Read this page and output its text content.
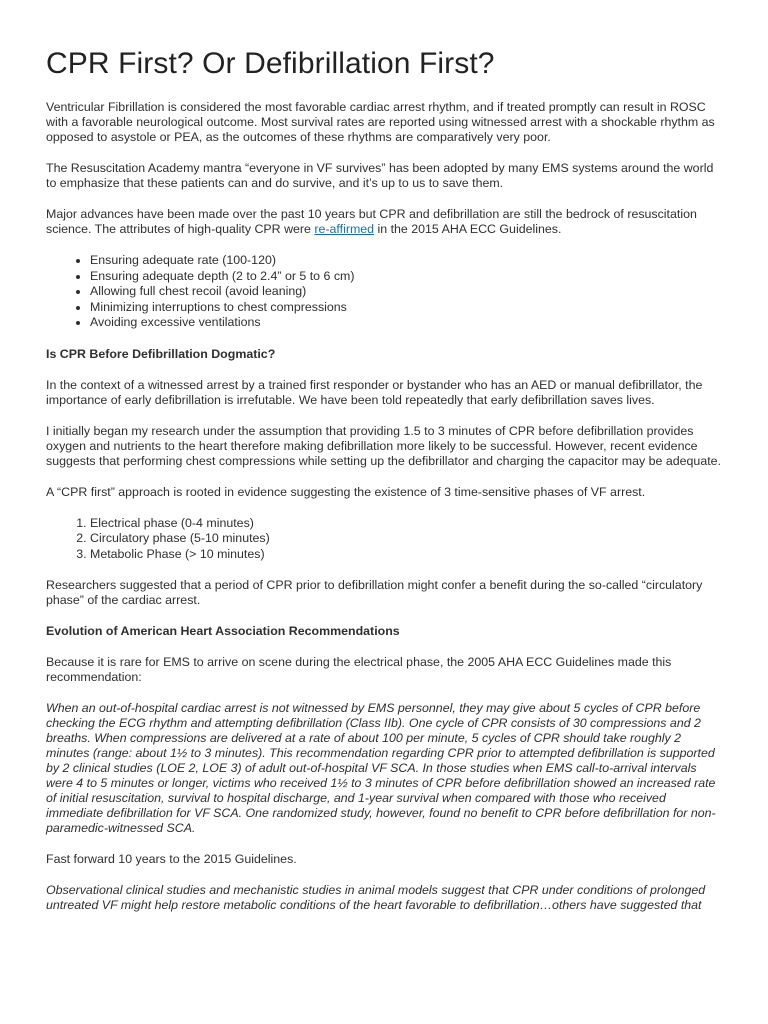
CPR First? Or Defibrillation First?

Ventricular Fibrillation is considered the most favorable cardiac arrest rhythm, and if treated promptly can result in ROSC with a favorable neurological outcome. Most survival rates are reported using witnessed arrest with a shockable rhythm as opposed to asystole or PEA, as the outcomes of these rhythms are comparatively very poor.

The Resuscitation Academy mantra “everyone in VF survives” has been adopted by many EMS systems around the world to emphasize that these patients can and do survive, and it’s up to us to save them.

Major advances have been made over the past 10 years but CPR and defibrillation are still the bedrock of resuscitation science. The attributes of high-quality CPR were re-affirmed in the 2015 AHA ECC Guidelines.

• Ensuring adequate rate (100-120)
• Ensuring adequate depth (2 to 2.4” or 5 to 6 cm)
• Allowing full chest recoil (avoid leaning)
• Minimizing interruptions to chest compressions
• Avoiding excessive ventilations

Is CPR Before Defibrillation Dogmatic?

In the context of a witnessed arrest by a trained first responder or bystander who has an AED or manual defibrillator, the importance of early defibrillation is irrefutable. We have been told repeatedly that early defibrillation saves lives.

I initially began my research under the assumption that providing 1.5 to 3 minutes of CPR before defibrillation provides oxygen and nutrients to the heart therefore making defibrillation more likely to be successful. However, recent evidence suggests that performing chest compressions while setting up the defibrillator and charging the capacitor may be adequate.

A “CPR first” approach is rooted in evidence suggesting the existence of 3 time-sensitive phases of VF arrest.

1. Electrical phase (0-4 minutes)
2. Circulatory phase (5-10 minutes)
3. Metabolic Phase (> 10 minutes)

Researchers suggested that a period of CPR prior to defibrillation might confer a benefit during the so-called “circulatory phase” of the cardiac arrest.

Evolution of American Heart Association Recommendations

Because it is rare for EMS to arrive on scene during the electrical phase, the 2005 AHA ECC Guidelines made this recommendation:

When an out-of-hospital cardiac arrest is not witnessed by EMS personnel, they may give about 5 cycles of CPR before checking the ECG rhythm and attempting defibrillation (Class IIb). One cycle of CPR consists of 30 compressions and 2 breaths. When compressions are delivered at a rate of about 100 per minute, 5 cycles of CPR should take roughly 2 minutes (range: about 1½ to 3 minutes). This recommendation regarding CPR prior to attempted defibrillation is supported by 2 clinical studies (LOE 2, LOE 3) of adult out-of-hospital VF SCA. In those studies when EMS call-to-arrival intervals were 4 to 5 minutes or longer, victims who received 1½ to 3 minutes of CPR before defibrillation showed an increased rate of initial resuscitation, survival to hospital discharge, and 1-year survival when compared with those who received immediate defibrillation for VF SCA. One randomized study, however, found no benefit to CPR before defibrillation for non-paramedic-witnessed SCA.

Fast forward 10 years to the 2015 Guidelines.

Observational clinical studies and mechanistic studies in animal models suggest that CPR under conditions of prolonged untreated VF might help restore metabolic conditions of the heart favorable to defibrillation…others have suggested that
